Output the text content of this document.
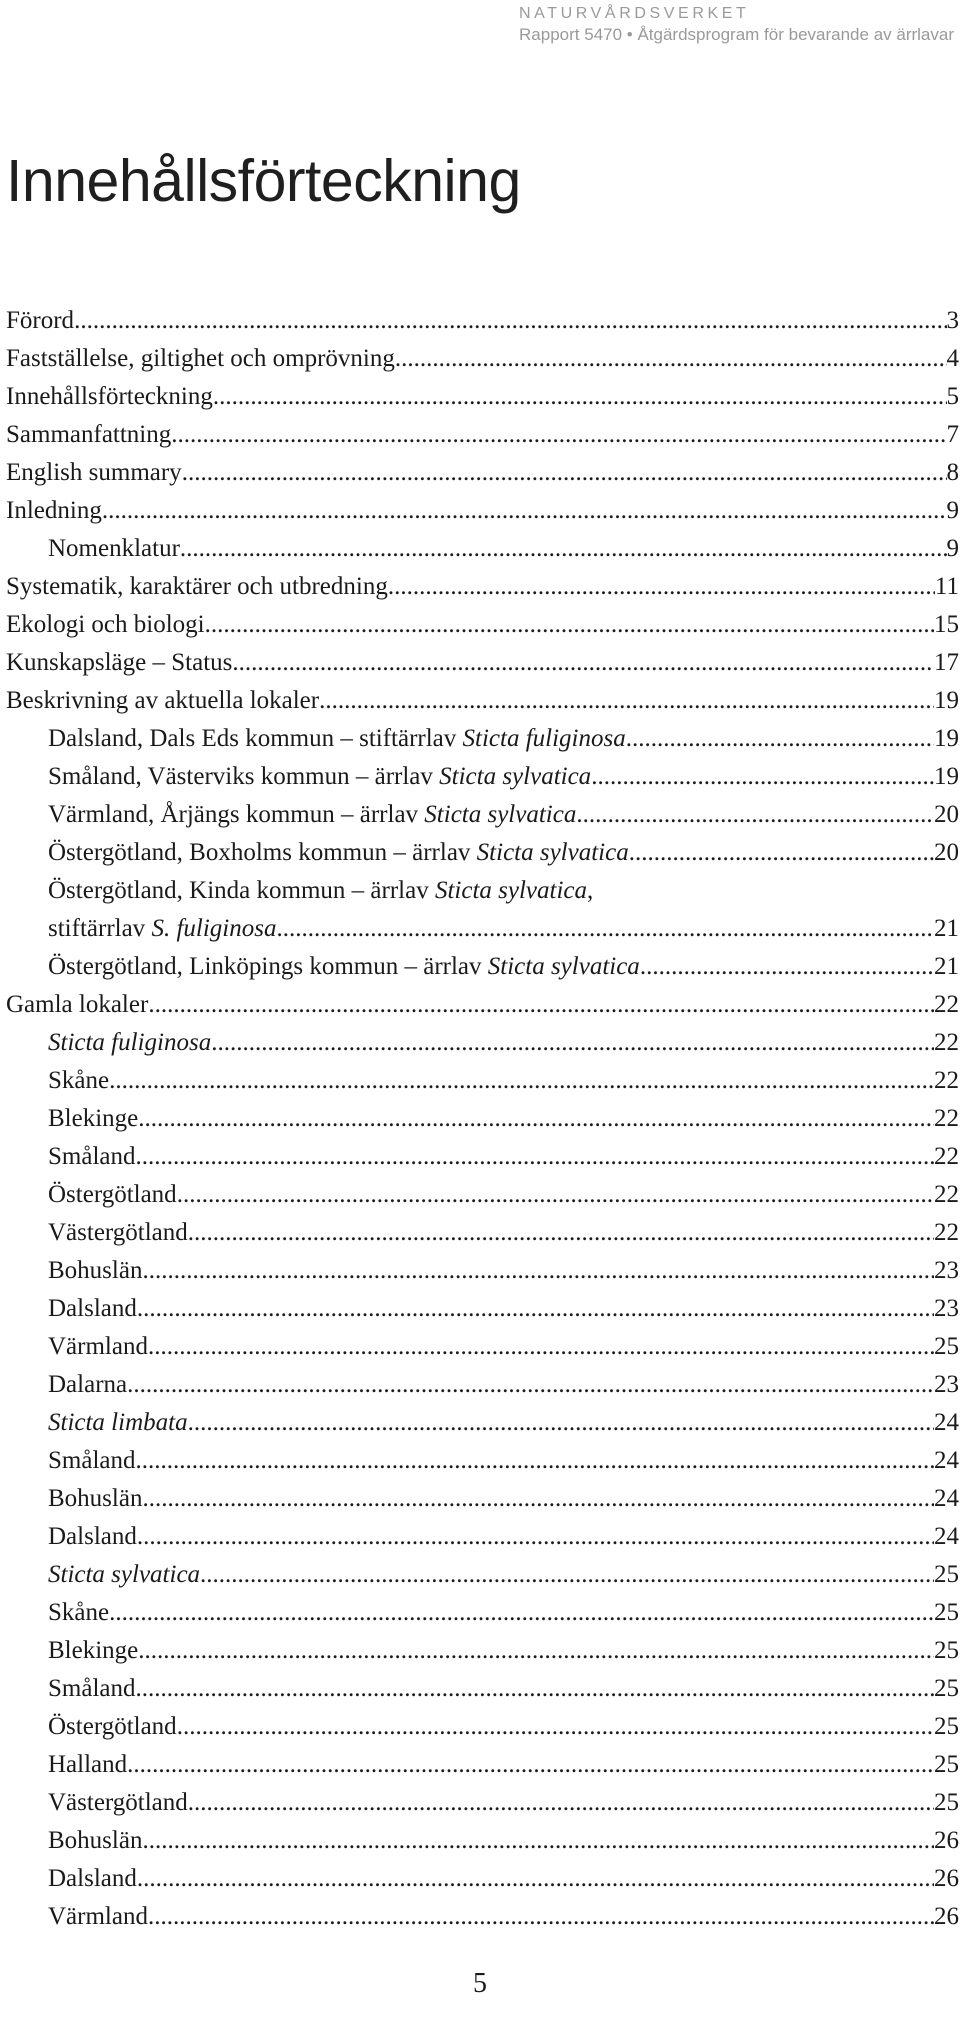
NATURVÅRDSVERKET
Rapport 5470 • Åtgärdsprogram för bevarande av ärrlavar
Innehållsförteckning
Förord .....	3
Fastställelse, giltighet och omprövning .....	4
Innehållsförteckning .....	5
Sammanfattning .....	7
English summary .....	8
Inledning .....	9
Nomenklatur .....	9
Systematik, karaktärer och utbredning .....	11
Ekologi och biologi .....	15
Kunskapsläge – Status .....	17
Beskrivning av aktuella lokaler .....	19
Dalsland, Dals Eds kommun – stiftärrlav Sticta fuliginosa .....	19
Småland, Västerviks kommun – ärrlav Sticta sylvatica .....	19
Värmland, Årjängs kommun – ärrlav Sticta sylvatica .....	20
Östergötland, Boxholms kommun – ärrlav Sticta sylvatica .....	20
Östergötland, Kinda kommun – ärrlav Sticta sylvatica,
stiftärrlav S. fuliginosa .....	21
Östergötland, Linköpings kommun – ärrlav Sticta sylvatica .....	21
Gamla lokaler .....	22
Sticta fuliginosa .....	22
Skåne .....	22
Blekinge .....	22
Småland .....	22
Östergötland .....	22
Västergötland .....	22
Bohuslän .....	23
Dalsland .....	23
Värmland .....	25
Dalarna .....	23
Sticta limbata .....	24
Småland .....	24
Bohuslän .....	24
Dalsland .....	24
Sticta sylvatica .....	25
Skåne .....	25
Blekinge .....	25
Småland .....	25
Östergötland .....	25
Halland .....	25
Västergötland .....	25
Bohuslän .....	26
Dalsland .....	26
Värmland .....	26
5
